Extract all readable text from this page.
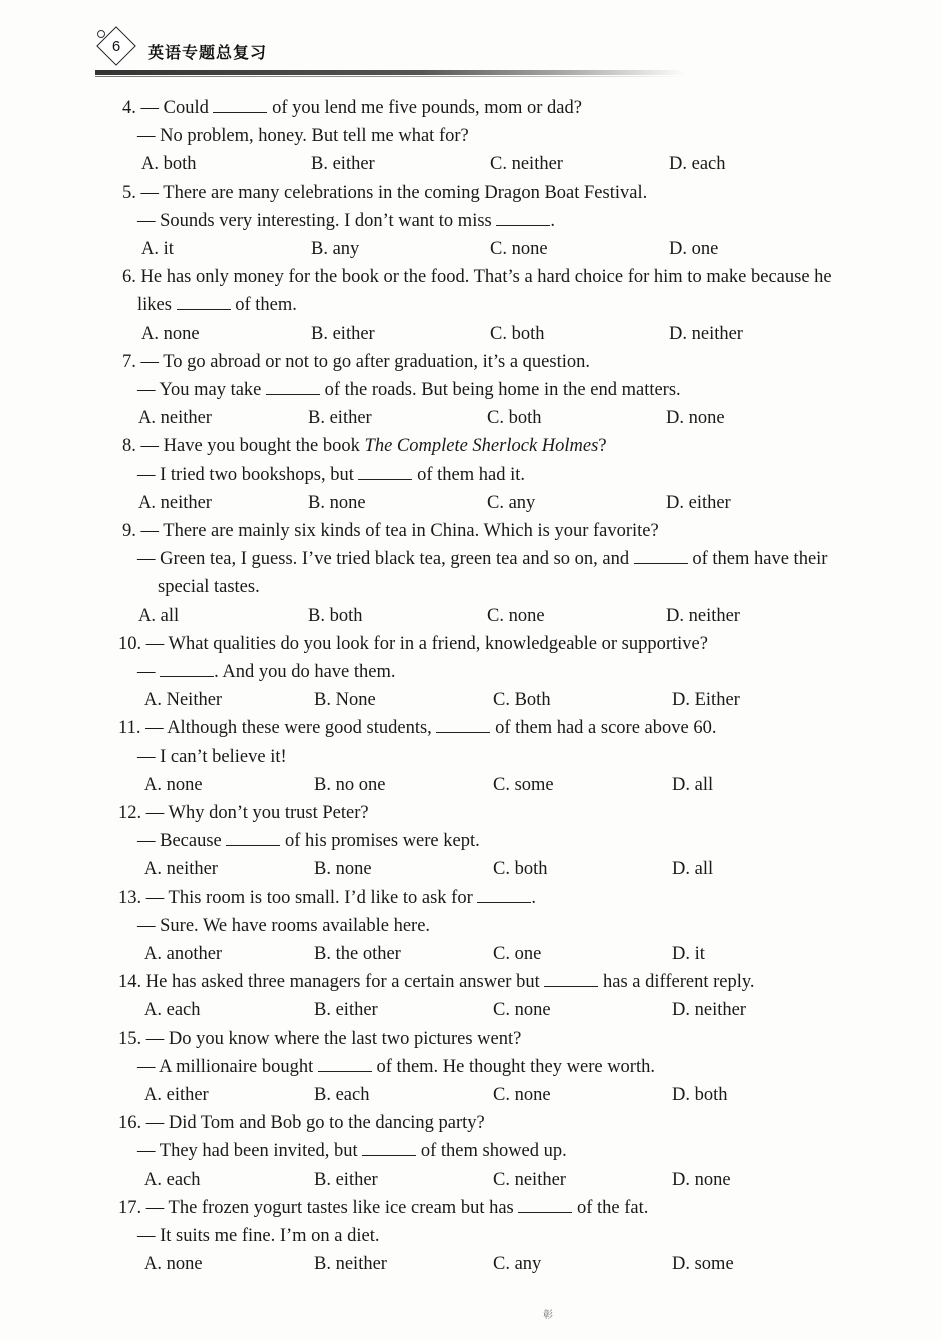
6	英语专题总复习
4. — Could	of you lend me five pounds, mom or dad?
— No problem, honey. But tell me what for?
A. both	B. either	C. neither	D. each
5. — There are many celebrations in the coming Dragon Boat Festival.
— Sounds very interesting. I don’t want to miss	.
A. it	B. any	C. none	D. one
6. He has only money for the book or the food. That’s a hard choice for him to make because he
likes	of them.
A. none	B. either	C. both	D. neither
7. — To go abroad or not to go after graduation, it’s a question.
— You may take	of the roads. But being home in the end matters.
A. neither	B. either	C. both	D. none
8. — Have you bought the book The Complete Sherlock Holmes?
— I tried two bookshops, but	of them had it.
A. neither	B. none	C. any	D. either
9. — There are mainly six kinds of tea in China. Which is your favorite?
— Green tea, I guess. I’ve tried black tea, green tea and so on, and	of them have their
special tastes.
A. all	B. both	C. none	D. neither
10. — What qualities do you look for in a friend, knowledgeable or supportive?
—	. And you do have them.
A. Neither	B. None	C. Both	D. Either
11. — Although these were good students,	of them had a score above 60.
— I can’t believe it!
A. none	B. no one	C. some	D. all
12. — Why don’t you trust Peter?
— Because	of his promises were kept.
A. neither	B. none	C. both	D. all
13. — This room is too small. I’d like to ask for	.
— Sure. We have rooms available here.
A. another	B. the other	C. one	D. it
14. He has asked three managers for a certain answer but	has a different reply.
A. each	B. either	C. none	D. neither
15. — Do you know where the last two pictures went?
— A millionaire bought	of them. He thought they were worth.
A. either	B. each	C. none	D. both
16. — Did Tom and Bob go to the dancing party?
— They had been invited, but	of them showed up.
A. each	B. either	C. neither	D. none
17. — The frozen yogurt tastes like ice cream but has	of the fat.
— It suits me fine. I’m on a diet.
A. none	B. neither	C. any	D. some
彰
